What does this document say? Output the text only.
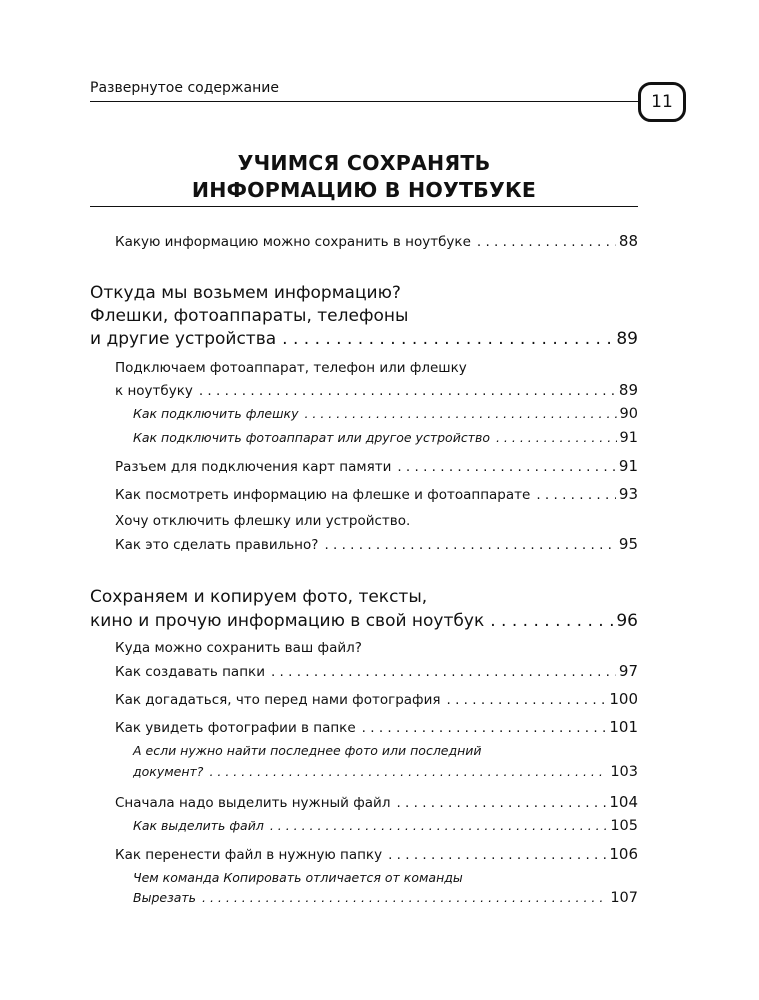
Развернутое содержание
11
УЧИМСЯ СОХРАНЯТЬ
ИНФОРМАЦИЮ В НОУТБУКЕ
Какую информацию можно сохранить в ноутбуке . . .	88
Откуда мы возьмем информацию?
Флешки, фотоаппараты, телефоны
и другие устройства . . .	89
Подключаем фотоаппарат, телефон или флешку
к ноутбуку . . .	89
Как подключить флешку . . .	90
Как подключить фотоаппарат или другое устройство . . .	91
Разъем для подключения карт памяти . . .	91
Как посмотреть информацию на флешке и фотоаппарате . . .	93
Хочу отключить флешку или устройство.
Как это сделать правильно? . . .	95
Сохраняем и копируем фото, тексты,
кино и прочую информацию в свой ноутбук . . .	96
Куда можно сохранить ваш файл?
Как создавать папки . . .	97
Как догадаться, что перед нами фотография . . .	100
Как увидеть фотографии в папке . . .	101
А если нужно найти последнее фото или последний
документ? . . .	103
Сначала надо выделить нужный файл . . .	104
Как выделить файл . . .	105
Как перенести файл в нужную папку . . .	106
Чем команда Копировать отличается от команды
Вырезать . . .	107
